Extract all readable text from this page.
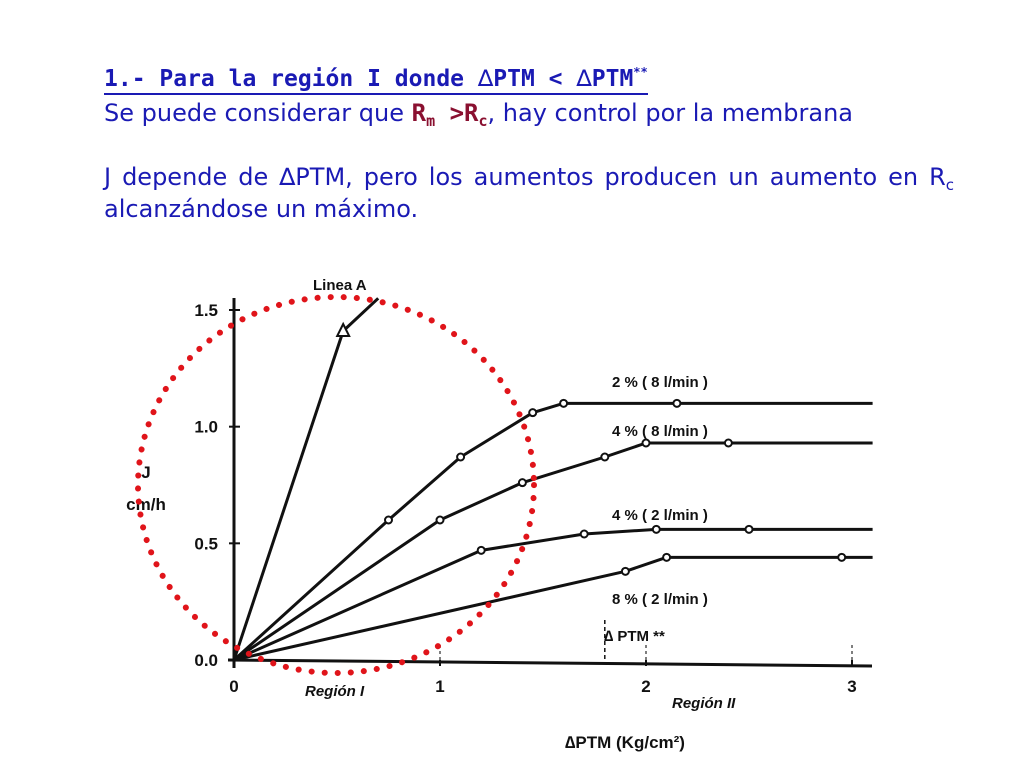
1.- Para la región I donde ∆PTM < ∆PTM**
Se puede considerar que $R_m >R_c$, hay control por la membrana
J depende de ∆PTM, pero los aumentos producen un aumento en $R_c$ alcanzándose un máximo.
0.0
0.5
1.0
1.5
0	1	2	3
∆PTM (Kg/cm²)
J
cm/h
2 % ( 8 l/min )
4 % ( 8 l/min )
4 % ( 2 l/min )
8 % ( 2 l/min )
Linea A
∆ PTM **
Región I
Región II
